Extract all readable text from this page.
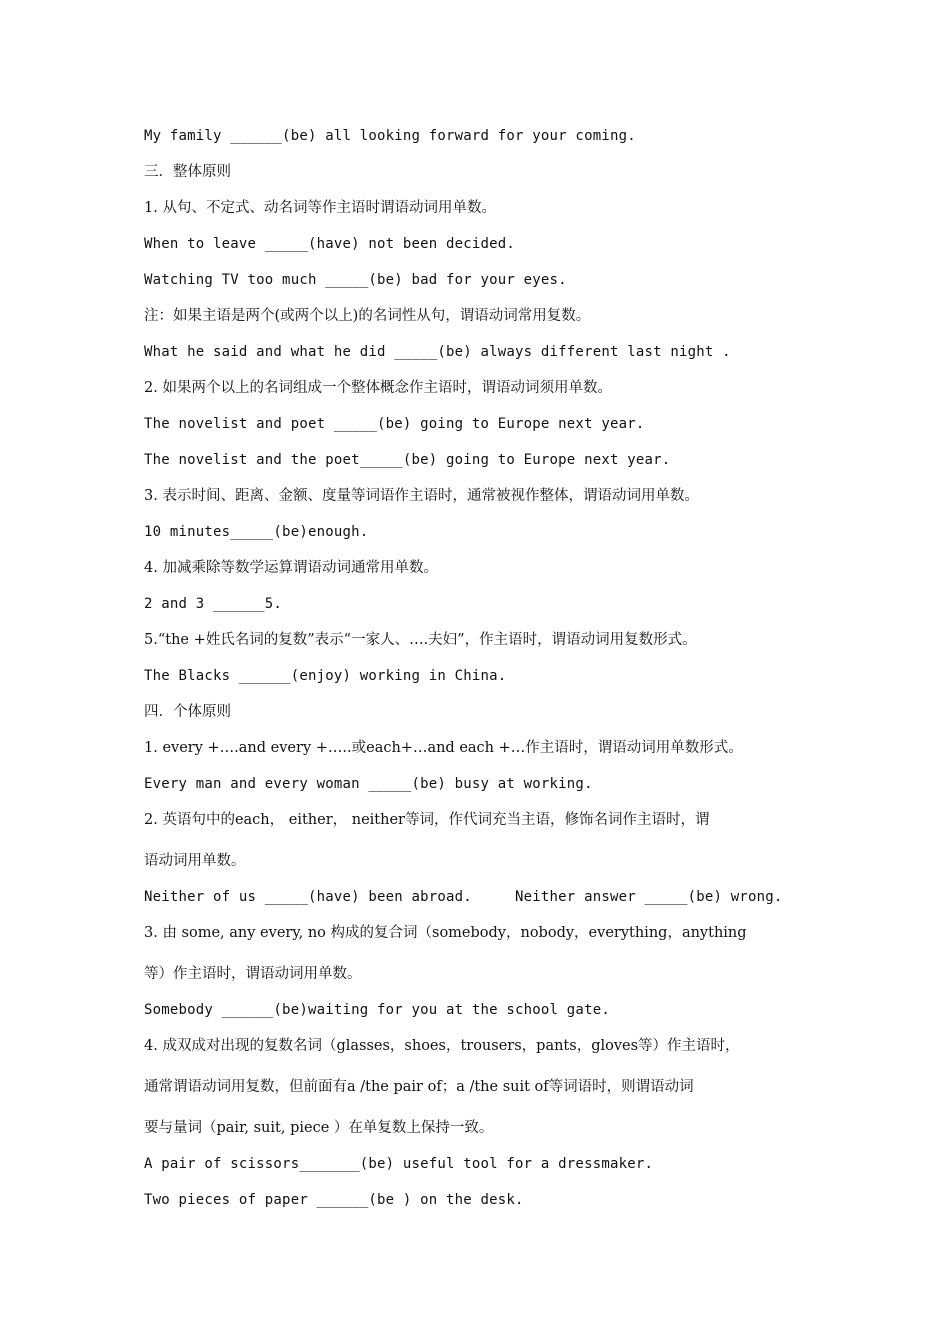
My family ______(be) all looking forward for your coming.
三．整体原则
1. 从句、不定式、动名词等作主语时谓语动词用单数。
When to leave _____(have) not been decided.
Watching TV too much _____(be) bad for your eyes.
注：如果主语是两个(或两个以上)的名词性从句，谓语动词常用复数。
What he said and what he did _____(be) always different last night .
2. 如果两个以上的名词组成一个整体概念作主语时，谓语动词须用单数。
The novelist and poet _____(be) going to Europe next year.
The novelist and the poet_____(be) going to Europe next year.
3. 表示时间、距离、金额、度量等词语作主语时，通常被视作整体，谓语动词用单数。
10 minutes_____(be)enough.
4. 加减乘除等数学运算谓语动词通常用单数。
2 and 3 ______5.
5.“the +姓氏名词的复数”表示“一家人、….夫妇”，作主语时，谓语动词用复数形式。
The Blacks ______(enjoy) working in China.
四．个体原则
1. every +….and every +…..或each+…and each +…作主语时，谓语动词用单数形式。
Every man and every woman _____(be) busy at working.
2. 英语句中的each， either， neither等词，作代词充当主语，修饰名词作主语时，谓
语动词用单数。
Neither of us _____(have) been abroad.     Neither answer _____(be) wrong.
3. 由 some, any every, no 构成的复合词（somebody，nobody，everything，anything
等）作主语时，谓语动词用单数。
Somebody ______(be)waiting for you at the school gate.
4. 成双成对出现的复数名词（glasses，shoes，trousers，pants，gloves等）作主语时，
通常谓语动词用复数，但前面有a /the pair of；a /the suit of等词语时，则谓语动词
要与量词（pair, suit, piece ）在单复数上保持一致。
A pair of scissors_______(be) useful tool for a dressmaker.
Two pieces of paper ______(be ) on the desk.
